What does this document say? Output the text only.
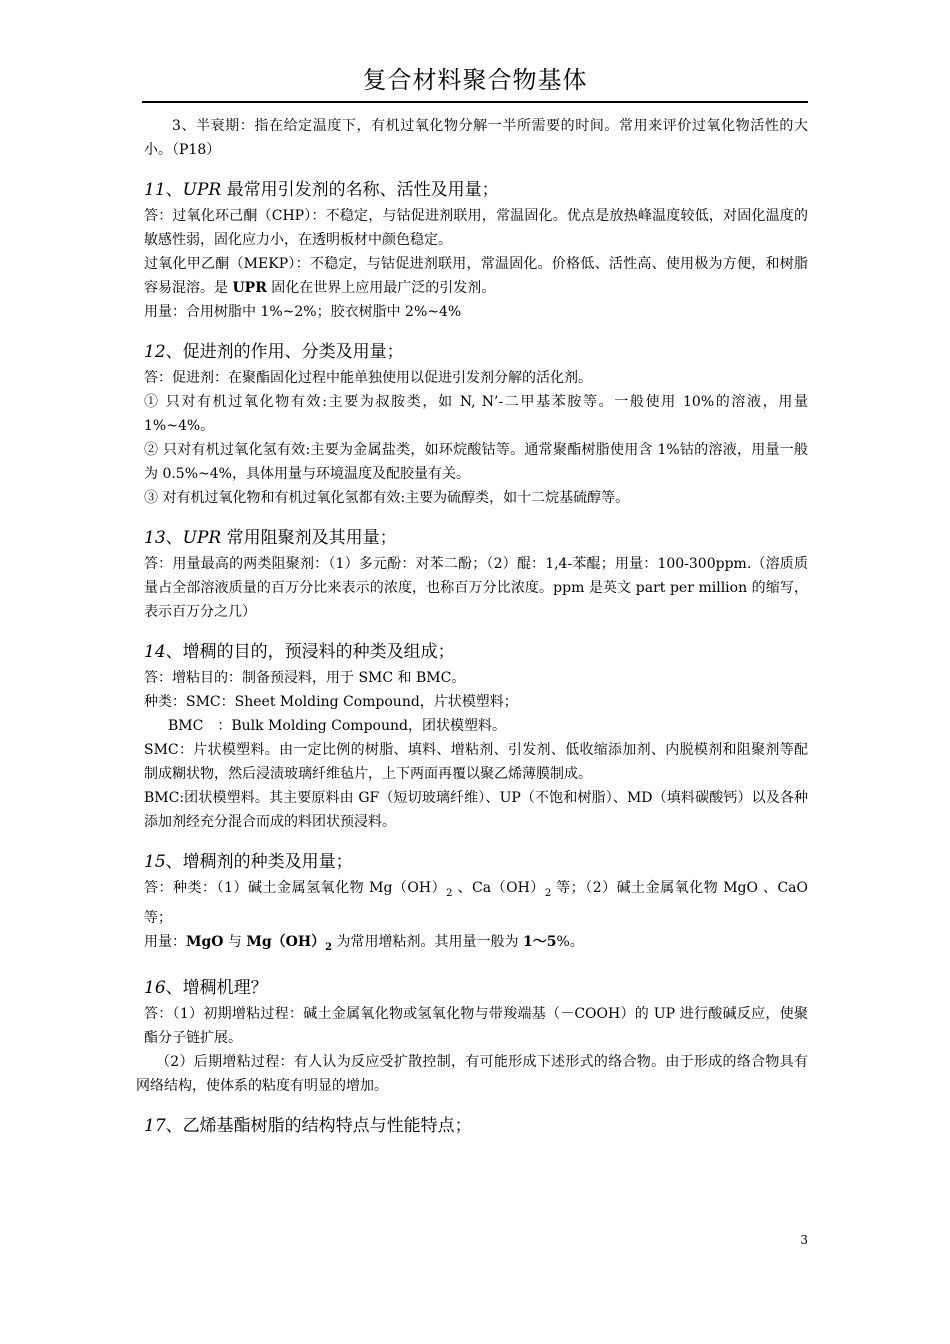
复合材料聚合物基体

3、半衰期：指在给定温度下，有机过氧化物分解一半所需要的时间。常用来评价过氧化物活性的大小。（P18）

11、UPR 最常用引发剂的名称、活性及用量；

答：过氧化环己酮（CHP）：不稳定，与钴促进剂联用，常温固化。优点是放热峰温度较低，对固化温度的敏感性弱，固化应力小，在透明板材中颜色稳定。

过氧化甲乙酮（MEKP）：不稳定，与钴促进剂联用，常温固化。价格低、活性高、使用极为方便，和树脂容易混溶。是 UPR 固化在世界上应用最广泛的引发剂。

用量：合用树脂中 1%~2%；胶衣树脂中 2%~4%

12、促进剂的作用、分类及用量；

答：促进剂：在聚酯固化过程中能单独使用以促进引发剂分解的活化剂。

① 只对有机过氧化物有效:主要为叔胺类，如 N, N’-二甲基苯胺等。一般使用 10%的溶液，用量 1%~4%。

② 只对有机过氧化氢有效:主要为金属盐类，如环烷酸钴等。通常聚酯树脂使用含 1%钴的溶液，用量一般为 0.5%~4%，具体用量与环境温度及配胶量有关。

③ 对有机过氧化物和有机过氧化氢都有效:主要为硫醇类，如十二烷基硫醇等。

13、UPR 常用阻聚剂及其用量；

答：用量最高的两类阻聚剂：（1）多元酚：对苯二酚；（2）醌：1,4-苯醌；用量：100-300ppm.（溶质质量占全部溶液质量的百万分比来表示的浓度，也称百万分比浓度。ppm 是英文 part per million 的缩写，表示百万分之几）

14、增稠的目的，预浸料的种类及组成；

答：增粘目的：制备预浸料，用于 SMC 和 BMC。

种类：SMC：Sheet Molding Compound，片状模塑料；

BMC　：Bulk Molding Compound，团状模塑料。

SMC：片状模塑料。由一定比例的树脂、填料、增粘剂、引发剂、低收缩添加剂、内脱模剂和阻聚剂等配制成糊状物，然后浸渍玻璃纤维毡片，上下两面再覆以聚乙烯薄膜制成。

BMC:团状模塑料。其主要原料由 GF（短切玻璃纤维）、UP（不饱和树脂）、MD（填料碳酸钙）以及各种添加剂经充分混合而成的料团状预浸料。

15、增稠剂的种类及用量；

答：种类：（1）碱土金属氢氧化物 $Mg(OH)_2$ 、$Ca(OH)_2$ 等；（2）碱土金属氧化物 MgO 、CaO 等；

用量：MgO 与 $Mg(OH)_2$ 为常用增粘剂。其用量一般为 1～5%。

16、增稠机理？

答：（1）初期增粘过程：碱土金属氧化物或氢氧化物与带羧端基（－COOH）的 UP 进行酸碱反应，使聚酯分子链扩展。

（2）后期增粘过程：有人认为反应受扩散控制，有可能形成下述形式的络合物。由于形成的络合物具有网络结构，使体系的粘度有明显的增加。

17、乙烯基酯树脂的结构特点与性能特点；

3
